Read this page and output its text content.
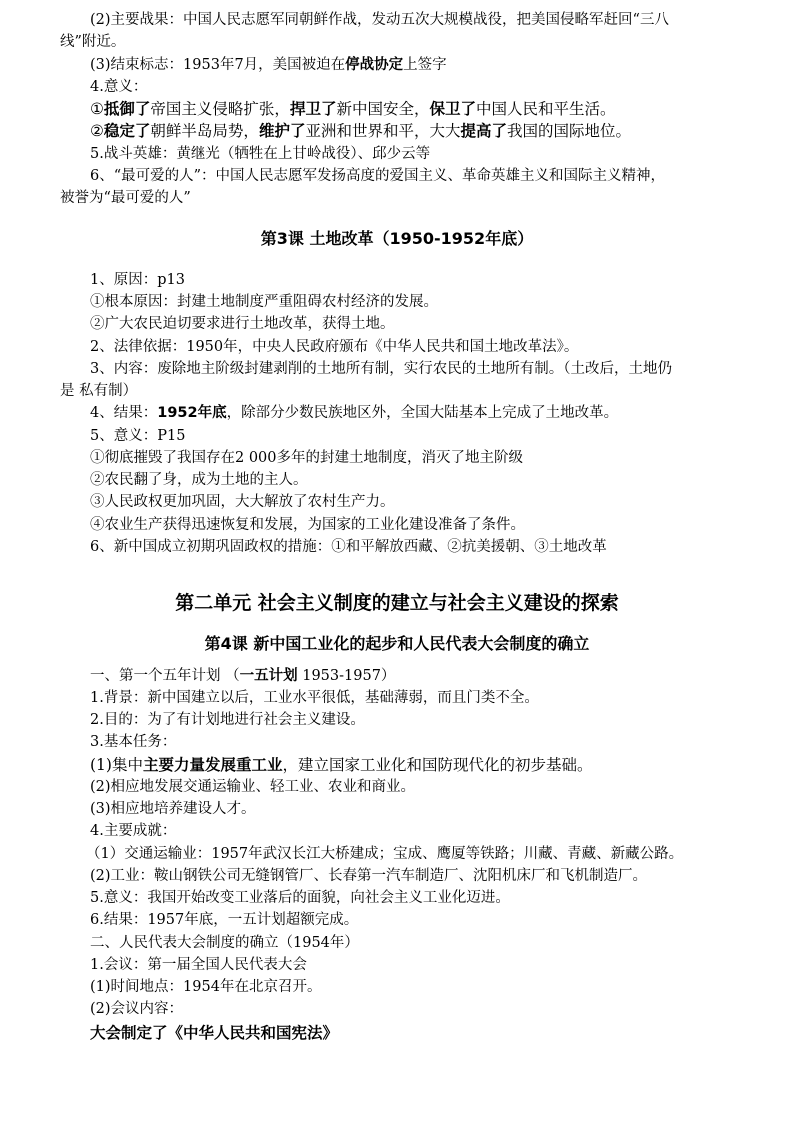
(2)主要战果：中国人民志愿军同朝鲜作战，发动五次大规模战役，把美国侵略军赶回“三八
线”附近。
(3)结束标志：1953年7月，美国被迫在停战协定上签字
4.意义：
①抵御了帝国主义侵略扩张，捍卫了新中国安全，保卫了中国人民和平生活。
②稳定了朝鲜半岛局势，维护了亚洲和世界和平，大大提高了我国的国际地位。
5.战斗英雄：黄继光（牺牲在上甘岭战役）、邱少云等
6、“最可爱的人”：中国人民志愿军发扬高度的爱国主义、革命英雄主义和国际主义精神，
被誉为“最可爱的人”
第3课 土地改革（1950-1952年底）
1、原因：p13
①根本原因：封建土地制度严重阻碍农村经济的发展。
②广大农民迫切要求进行土地改革，获得土地。
2、法律依据：1950年，中央人民政府颁布《中华人民共和国土地改革法》。
3、内容：废除地主阶级封建剥削的土地所有制，实行农民的土地所有制。（土改后，土地仍
是 私有制）
4、结果：1952年底，除部分少数民族地区外，全国大陆基本上完成了土地改革。
5、意义：P15
①彻底摧毁了我国存在2 000多年的封建土地制度，消灭了地主阶级
②农民翻了身，成为土地的主人。
③人民政权更加巩固，大大解放了农村生产力。
④农业生产获得迅速恢复和发展，为国家的工业化建设准备了条件。
6、新中国成立初期巩固政权的措施：①和平解放西藏、②抗美援朝、③土地改革
第二单元 社会主义制度的建立与社会主义建设的探索
第4课 新中国工业化的起步和人民代表大会制度的确立
一、第一个五年计划 （一五计划 1953-1957）
1.背景：新中国建立以后，工业水平很低，基础薄弱，而且门类不全。
2.目的：为了有计划地进行社会主义建设。
3.基本任务：
(1)集中主要力量发展重工业，建立国家工业化和国防现代化的初步基础。
(2)相应地发展交通运输业、轻工业、农业和商业。
(3)相应地培养建设人才。
4.主要成就：
（1）交通运输业：1957年武汉长江大桥建成；宝成、鹰厦等铁路；川藏、青藏、新藏公路。
(2)工业：鞍山钢铁公司无缝钢管厂、长春第一汽车制造厂、沈阳机床厂和飞机制造厂。
5.意义：我国开始改变工业落后的面貌，向社会主义工业化迈进。
6.结果：1957年底，一五计划超额完成。
二、人民代表大会制度的确立（1954年）
1.会议：第一届全国人民代表大会
(1)时间地点：1954年在北京召开。
(2)会议内容：
大会制定了《中华人民共和国宪法》
